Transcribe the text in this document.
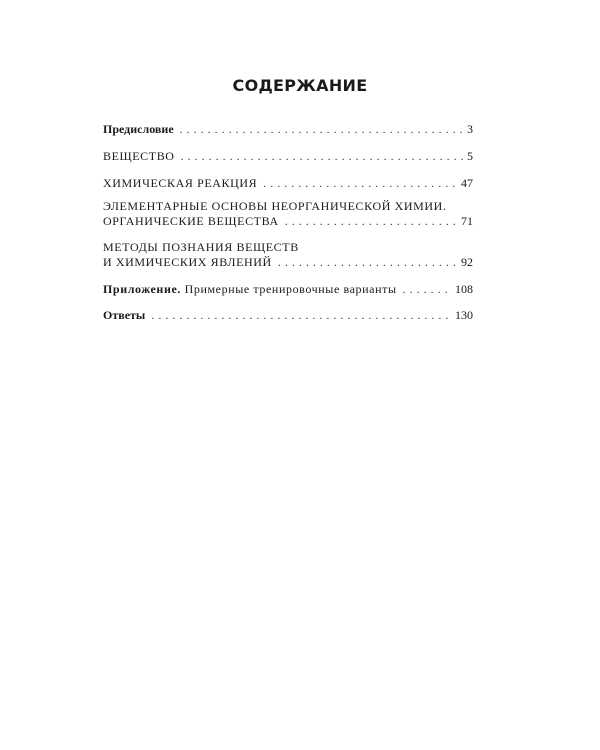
СОДЕРЖАНИЕ
Предисловие . . .	3
ВЕЩЕСТВО . . .	5
ХИМИЧЕСКАЯ РЕАКЦИЯ . . .	47
ЭЛЕМЕНТАРНЫЕ ОСНОВЫ НЕОРГАНИЧЕСКОЙ ХИМИИ.
ОРГАНИЧЕСКИЕ ВЕЩЕСТВА . . .	71
МЕТОДЫ ПОЗНАНИЯ ВЕЩЕСТВ
И ХИМИЧЕСКИХ ЯВЛЕНИЙ . . .	92
Приложение. Примерные тренировочные варианты . . .	108
Ответы . . .	130
